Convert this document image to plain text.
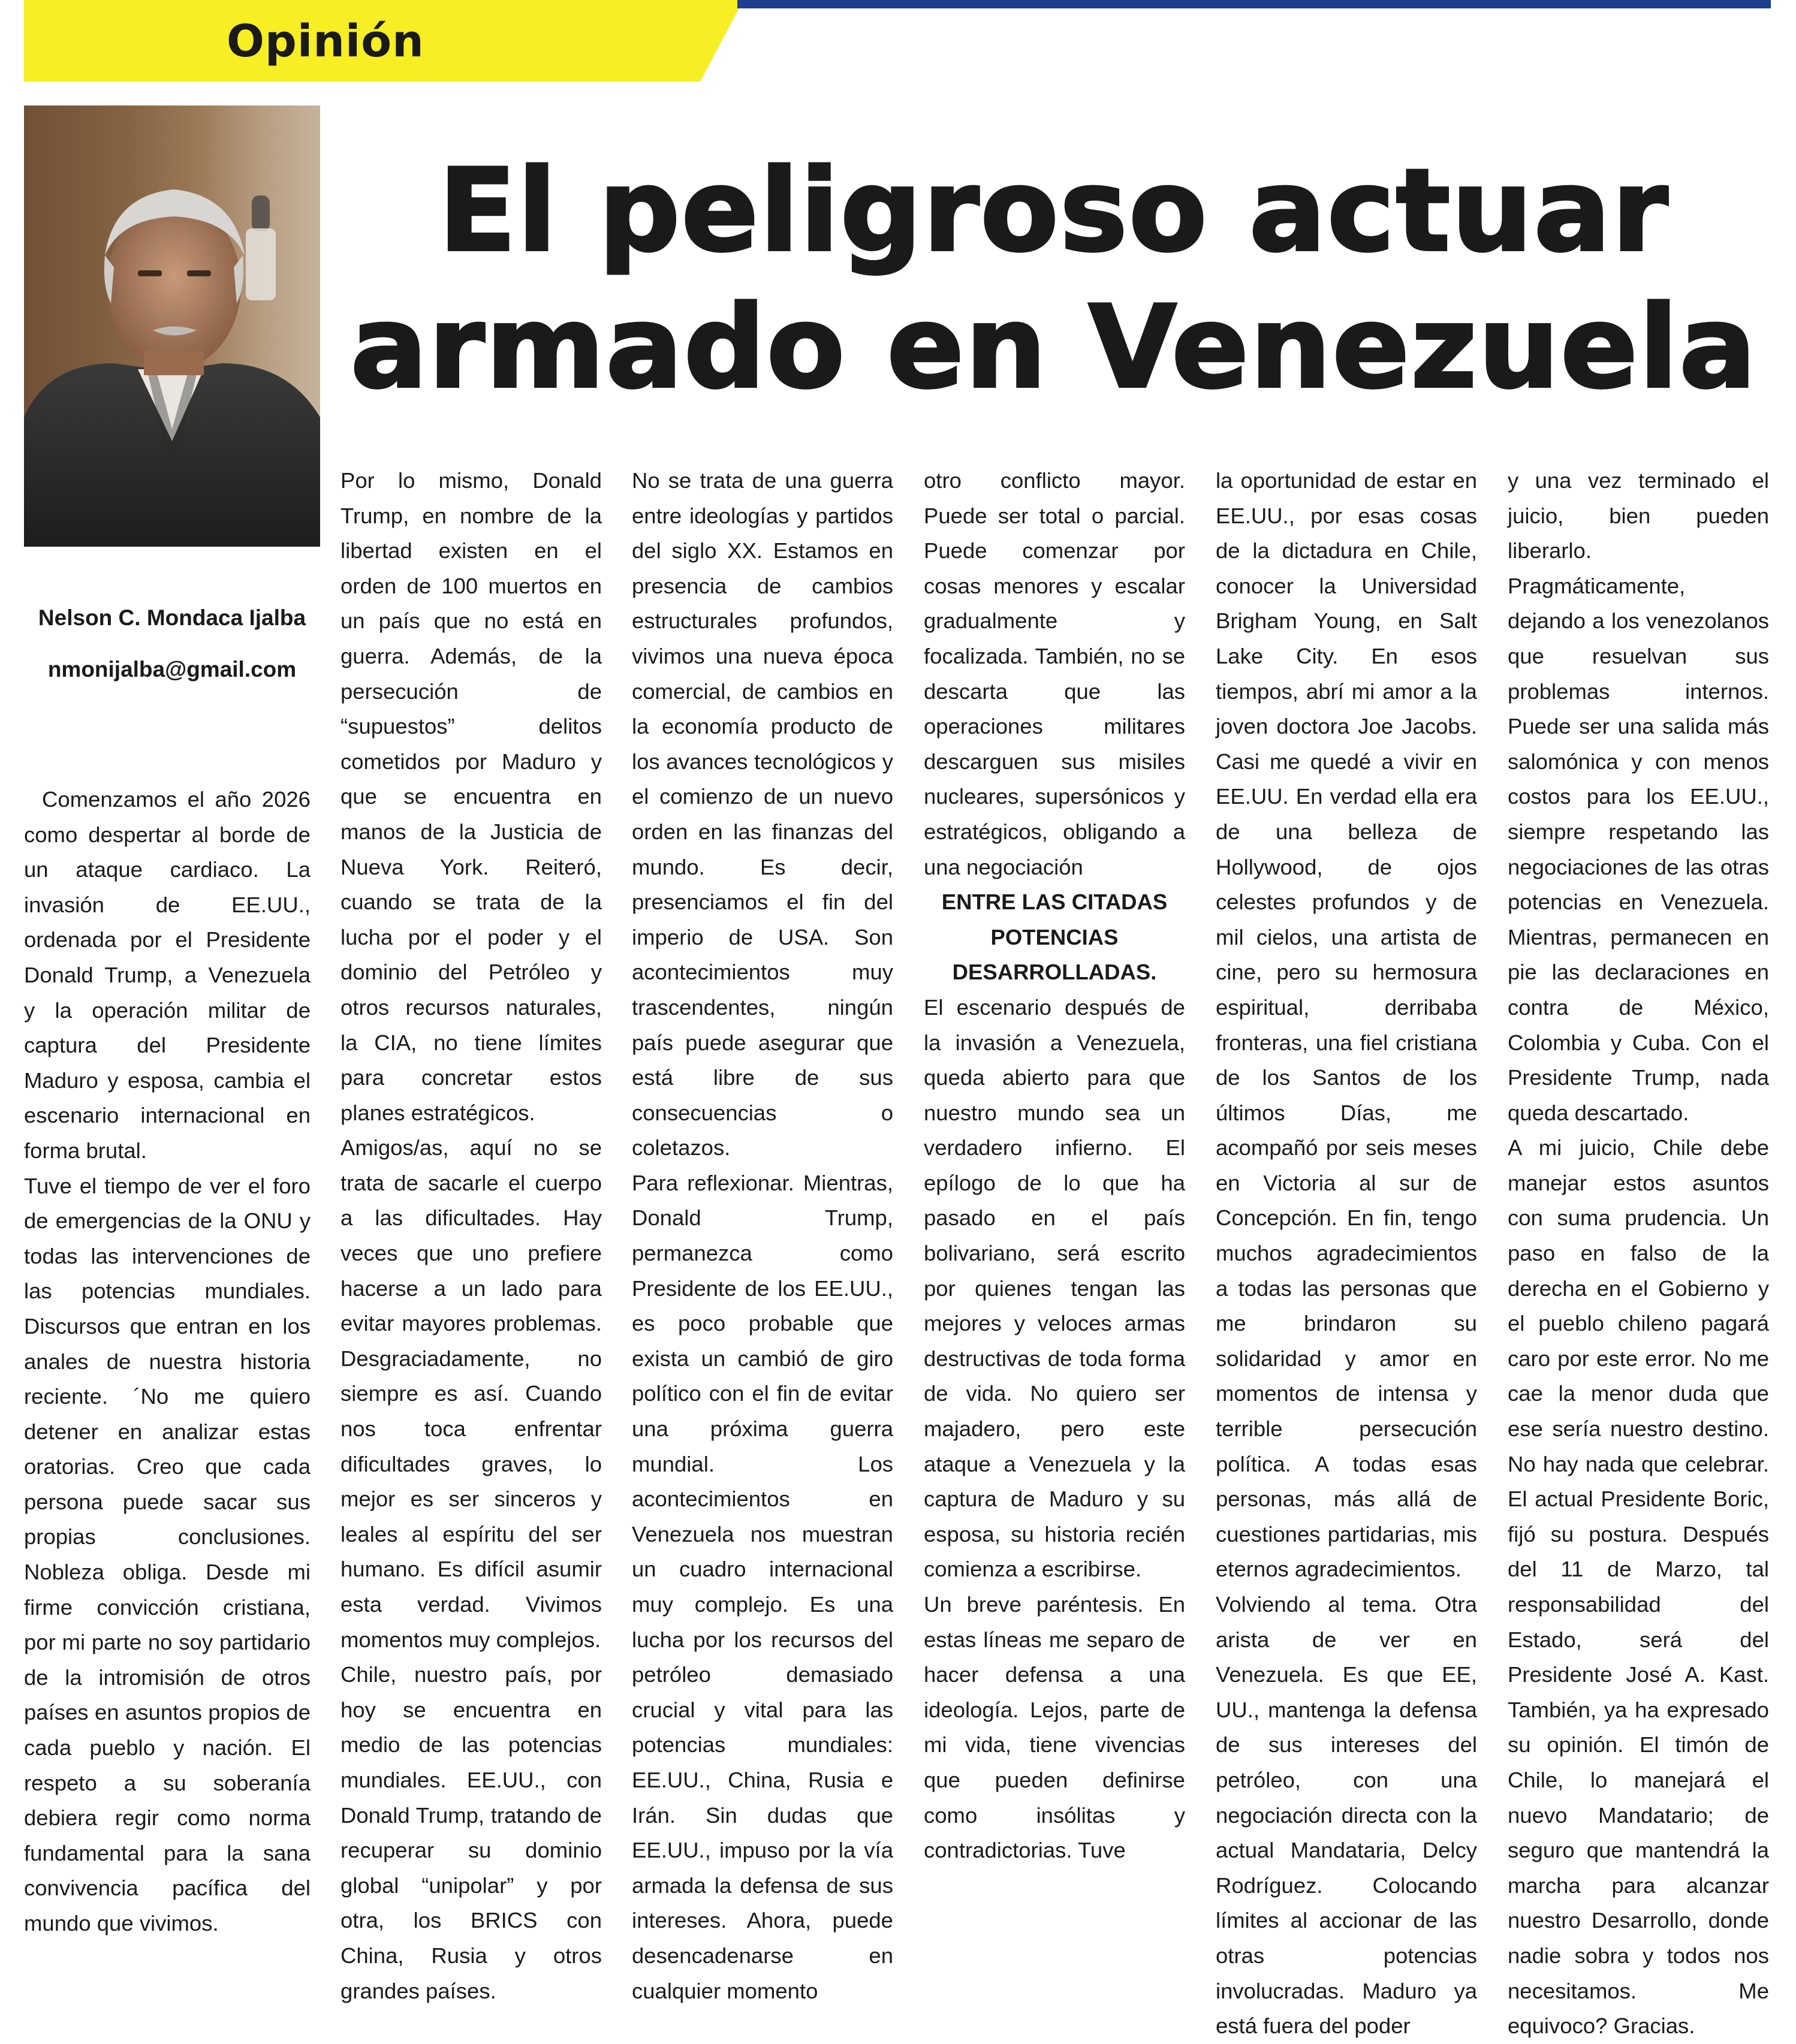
Opinión
El peligroso actuar
armado en Venezuela
Nelson C. Mondaca Ijalba
nmonijalba@gmail.com

Comenzamos el año 2026 como despertar al borde de un ataque cardiaco. La invasión de EE.UU., ordenada por el Presidente Donald Trump, a Venezuela y la operación militar de captura del Presidente Maduro y esposa, cambia el escenario internacional en forma brutal.

Tuve el tiempo de ver el foro de emergencias de la ONU y todas las intervenciones de las potencias mundiales. Discursos que entran en los anales de nuestra historia reciente. ´No me quiero detener en analizar estas oratorias. Creo que cada persona puede sacar sus propias conclusiones. Nobleza obliga. Desde mi firme convicción cristiana, por mi parte no soy partidario de la intromisión de otros países en asuntos propios de cada pueblo y nación. El respeto a su soberanía debiera regir como norma fundamental para la sana convivencia pacífica del mundo que vivimos.

Por lo mismo, Donald Trump, en nombre de la libertad existen en el orden de 100 muertos en un país que no está en guerra. Además, de la persecución de “supuestos” delitos cometidos por Maduro y que se encuentra en manos de la Justicia de Nueva York. Reiteró, cuando se trata de la lucha por el poder y el dominio del Petróleo y otros recursos naturales, la CIA, no tiene límites para concretar estos planes estratégicos.

Amigos/as, aquí no se trata de sacarle el cuerpo a las dificultades. Hay veces que uno prefiere hacerse a un lado para evitar mayores problemas. Desgraciadamente, no siempre es así. Cuando nos toca enfrentar dificultades graves, lo mejor es ser sinceros y leales al espíritu del ser humano. Es difícil asumir esta verdad. Vivimos momentos muy complejos.

Chile, nuestro país, por hoy se encuentra en medio de las potencias mundiales. EE.UU., con Donald Trump, tratando de recuperar su dominio global “unipolar” y por otra, los BRICS con China, Rusia y otros grandes países.

No se trata de una guerra entre ideologías y partidos del siglo XX. Estamos en presencia de cambios estructurales profundos, vivimos una nueva época comercial, de cambios en la economía producto de los avances tecnológicos y el comienzo de un nuevo orden en las finanzas del mundo. Es decir, presenciamos el fin del imperio de USA. Son acontecimientos muy trascendentes, ningún país puede asegurar que está libre de sus consecuencias o coletazos.

Para reflexionar. Mientras, Donald Trump, permanezca como Presidente de los EE.UU., es poco probable que exista un cambió de giro político con el fin de evitar una próxima guerra mundial. Los acontecimientos en Venezuela nos muestran un cuadro internacional muy complejo. Es una lucha por los recursos del petróleo demasiado crucial y vital para las potencias mundiales: EE.UU., China, Rusia e Irán. Sin dudas que EE.UU., impuso por la vía armada la defensa de sus intereses. Ahora, puede desencadenarse en cualquier momento

otro conflicto mayor. Puede ser total o parcial. Puede comenzar por cosas menores y escalar gradualmente y focalizada. También, no se descarta que las operaciones militares descarguen sus misiles nucleares, supersónicos y estratégicos, obligando a una negociación

ENTRE LAS CITADAS POTENCIAS DESARROLLADAS.

El escenario después de la invasión a Venezuela, queda abierto para que nuestro mundo sea un verdadero infierno. El epílogo de lo que ha pasado en el país bolivariano, será escrito por quienes tengan las mejores y veloces armas destructivas de toda forma de vida. No quiero ser majadero, pero este ataque a Venezuela y la captura de Maduro y su esposa, su historia recién comienza a escribirse.

Un breve paréntesis. En estas líneas me separo de hacer defensa a una ideología. Lejos, parte de mi vida, tiene vivencias que pueden definirse como insólitas y contradictorias. Tuve

la oportunidad de estar en EE.UU., por esas cosas de la dictadura en Chile, conocer la Universidad Brigham Young, en Salt Lake City. En esos tiempos, abrí mi amor a la joven doctora Joe Jacobs. Casi me quedé a vivir en EE.UU. En verdad ella era de una belleza de Hollywood, de ojos celestes profundos y de mil cielos, una artista de cine, pero su hermosura espiritual, derribaba fronteras, una fiel cristiana de los Santos de los últimos Días, me acompañó por seis meses en Victoria al sur de Concepción. En fin, tengo muchos agradecimientos a todas las personas que me brindaron su solidaridad y amor en momentos de intensa y terrible persecución política. A todas esas personas, más allá de cuestiones partidarias, mis eternos agradecimientos.

Volviendo al tema. Otra arista de ver en Venezuela. Es que EE, UU., mantenga la defensa de sus intereses del petróleo, con una negociación directa con la actual Mandataria, Delcy Rodríguez. Colocando límites al accionar de las otras potencias involucradas. Maduro ya está fuera del poder

y una vez terminado el juicio, bien pueden liberarlo. Pragmáticamente, dejando a los venezolanos que resuelvan sus problemas internos. Puede ser una salida más salomónica y con menos costos para los EE.UU., siempre respetando las negociaciones de las otras potencias en Venezuela. Mientras, permanecen en pie las declaraciones en contra de México, Colombia y Cuba. Con el Presidente Trump, nada queda descartado.

A mi juicio, Chile debe manejar estos asuntos con suma prudencia. Un paso en falso de la derecha en el Gobierno y el pueblo chileno pagará caro por este error. No me cae la menor duda que ese sería nuestro destino. No hay nada que celebrar. El actual Presidente Boric, fijó su postura. Después del 11 de Marzo, tal responsabilidad del Estado, será del Presidente José A. Kast. También, ya ha expresado su opinión. El timón de Chile, lo manejará el nuevo Mandatario; de seguro que mantendrá la marcha para alcanzar nuestro Desarrollo, donde nadie sobra y todos nos necesitamos. Me equivoco? Gracias.
